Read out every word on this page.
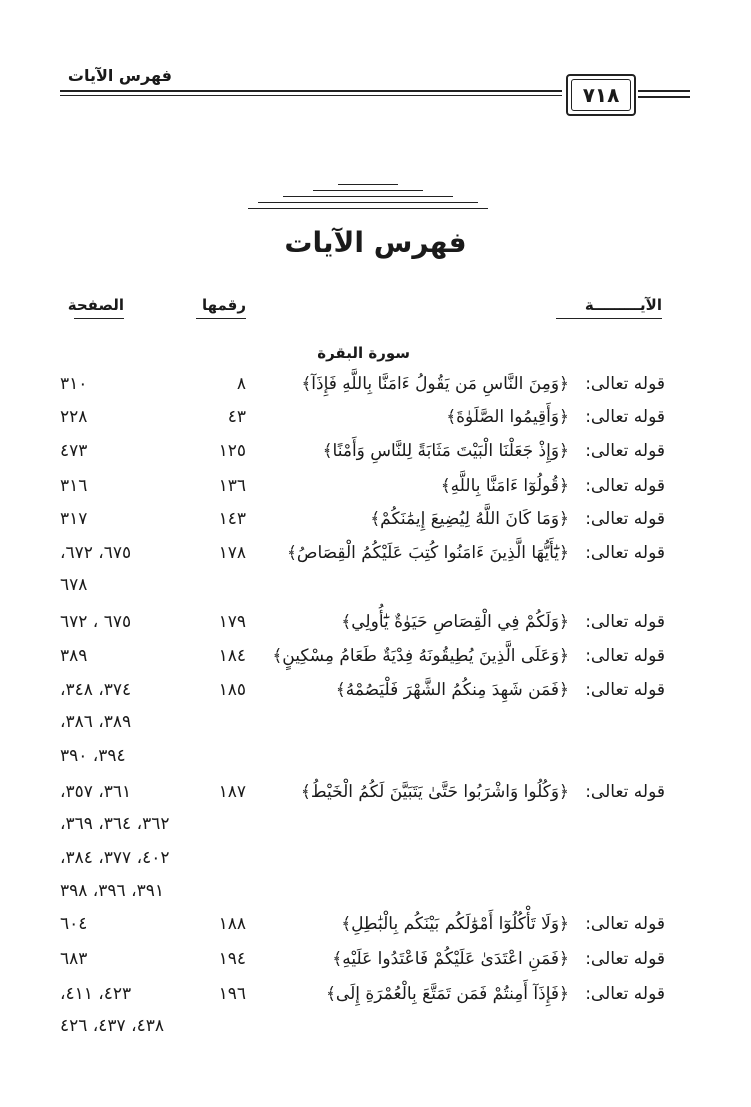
فهرس الآيات
٧١٨
فهرس الآيات
الآيـــــــــة
رقمها
الصفحة
سورة البقرة
قوله تعالى:
﴿وَمِنَ النَّاسِ مَن يَقُولُ ءَامَنَّا بِاللَّهِ فَإِذَآ﴾
٨
٣١٠
قوله تعالى:
﴿وَأَقِيمُوا الصَّلَوٰةَ﴾
٤٣
٢٢٨
قوله تعالى:
﴿وَإِذْ جَعَلْنَا الْبَيْتَ مَثَابَةً لِلنَّاسِ وَأَمْنًا﴾
١٢٥
٤٧٣
قوله تعالى:
﴿قُولُوٓا ءَامَنَّا بِاللَّهِ﴾
١٣٦
٣١٦
قوله تعالى:
﴿وَمَا كَانَ اللَّهُ لِيُضِيعَ إِيمَٰنَكُمْ﴾
١٤٣
٣١٧
قوله تعالى:
﴿يَٰٓأَيُّهَا الَّذِينَ ءَامَنُوا كُتِبَ عَلَيْكُمُ الْقِصَاصُ﴾
١٧٨
٦٧٥، ٦٧٢،
٦٧٨
قوله تعالى:
﴿وَلَكُمْ فِي الْقِصَاصِ حَيَوٰةٌ يَٰٓأُولِي﴾
١٧٩
٦٧٥ ، ٦٧٢
قوله تعالى:
﴿وَعَلَى الَّذِينَ يُطِيقُونَهُ فِدْيَةٌ طَعَامُ مِسْكِينٍ﴾
١٨٤
٣٨٩
قوله تعالى:
﴿فَمَن شَهِدَ مِنكُمُ الشَّهْرَ فَلْيَصُمْهُ﴾
١٨٥
٣٧٤، ٣٤٨،
٣٨٩، ٣٨٦،
٣٩٤، ٣٩٠
قوله تعالى:
﴿وَكُلُوا وَاشْرَبُوا حَتَّىٰ يَتَبَيَّنَ لَكُمُ الْخَيْطُ﴾
١٨٧
٣٦١، ٣٥٧،
٣٦٢، ٣٦٤، ٣٦٩،
٤٠٢، ٣٧٧، ٣٨٤،
٣٩١، ٣٩٦، ٣٩٨
قوله تعالى:
﴿وَلَا تَأْكُلُوٓا أَمْوَٰلَكُم بَيْنَكُم بِالْبَٰطِلِ﴾
١٨٨
٦٠٤
قوله تعالى:
﴿فَمَنِ اعْتَدَىٰ عَلَيْكُمْ فَاعْتَدُوا عَلَيْهِ﴾
١٩٤
٦٨٣
قوله تعالى:
﴿فَإِذَآ أَمِنتُمْ فَمَن تَمَتَّعَ بِالْعُمْرَةِ إِلَى﴾
١٩٦
٤٢٣، ٤١١،
٤٣٨، ٤٣٧، ٤٢٦
